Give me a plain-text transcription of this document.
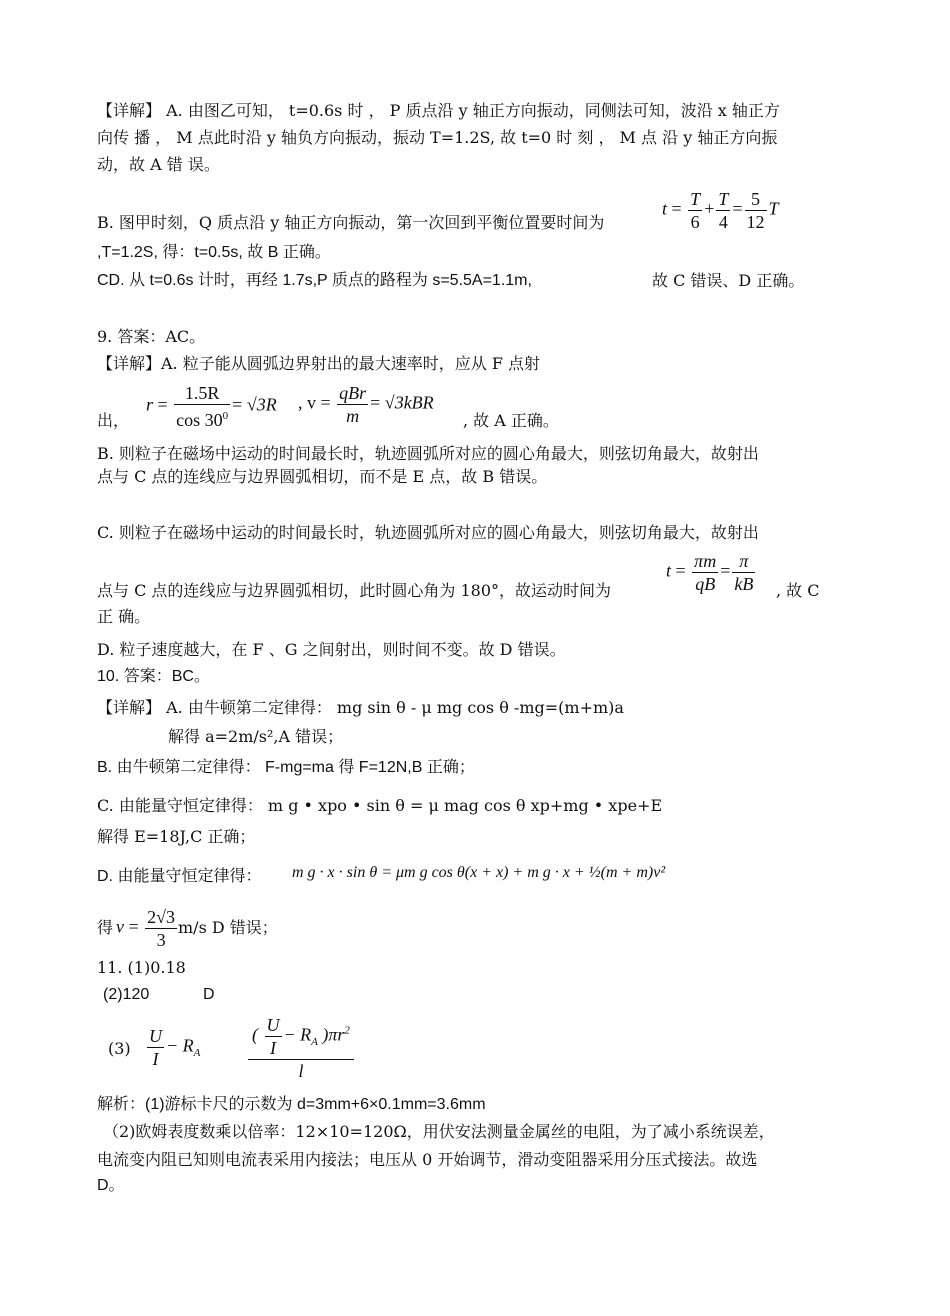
【详解】 A. 由图乙可知， t=0.6s 时 ， P 质点沿 y 轴正方向振动，同侧法可知，波沿 x 轴正方
向传 播 ， M 点此时沿 y 轴负方向振动，振动 T=1.2S, 故 t=0 时 刻 ， M 点 沿 y 轴正方向振
动，故 A 错 误。
B. 图甲时刻，Q 质点沿 y 轴正方向振动，第一次回到平衡位置要时间为
$t = \frac{T}{6} + \frac{T}{4} = \frac{5}{12}$ T
,T=1.2S, 得：t=0.5s, 故 B 正确。
CD. 从 t=0.6s 计时，再经 1.7s,P 质点的路程为 s=5.5A=1.1m,	故 C 错误、D 正确。
9. 答案：AC。
【详解】A. 粒子能从圆弧边界射出的最大速率时，应从 F 点射
出，
$r = \frac{1.5R}{\cos 30^0} = √3R$ , $v = \frac{\text{qBr}}{m} = √3kBR$
, 故 A 正确。
B. 则粒子在磁场中运动的时间最长时，轨迹圆弧所对应的圆心角最大，则弦切角最大，故射出
点与 C 点的连线应与边界圆弧相切，而不是 E 点，故 B 错误。
C. 则粒子在磁场中运动的时间最长时，轨迹圆弧所对应的圆心角最大，则弦切角最大，故射出
点与 C 点的连线应与边界圆弧相切，此时圆心角为 180°，故运动时间为
$t = \frac{\pi m}{qB} = \frac{\pi}{kB}$ , 故 C
正 确。
D. 粒子速度越大，在 F 、G 之间射出，则时间不变。故 D 错误。
10. 答案：BC。
【详解】 A. 由牛顿第二定律得： mg sin θ - μ mg cos θ -mg=(m+m)a
解得 a=2m/s²,A 错误；
B. 由牛顿第二定律得： F-mg=ma 得 F=12N,B 正确；
C. 由能量守恒定律得： m g • xpo • sin θ = μ mag cos θ xp+mg • xpe+E
解得 E=18J,C 正确；
D. 由能量守恒定律得： m g · x · sin θ = μm g cos θ(x + x) + m g · x + ½(m + m)v²
得 $v = \frac{2√3}{3} m/s$ D 错误；
11. (1)0.18
(2)120	D
$(3) \frac{U}{I} - R_A$	$\frac{( \frac{U}{I} - R_A )\pi r^2}{l}$
解析：(1)游标卡尺的示数为 d=3mm+6×0.1mm=3.6mm
（2)欧姆表度数乘以倍率：12×10=120Ω，用伏安法测量金属丝的电阻，为了减小系统误差，
电流变内阻已知则电流表采用内接法；电压从 0 开始调节，滑动变阻器采用分压式接法。故选
D。
